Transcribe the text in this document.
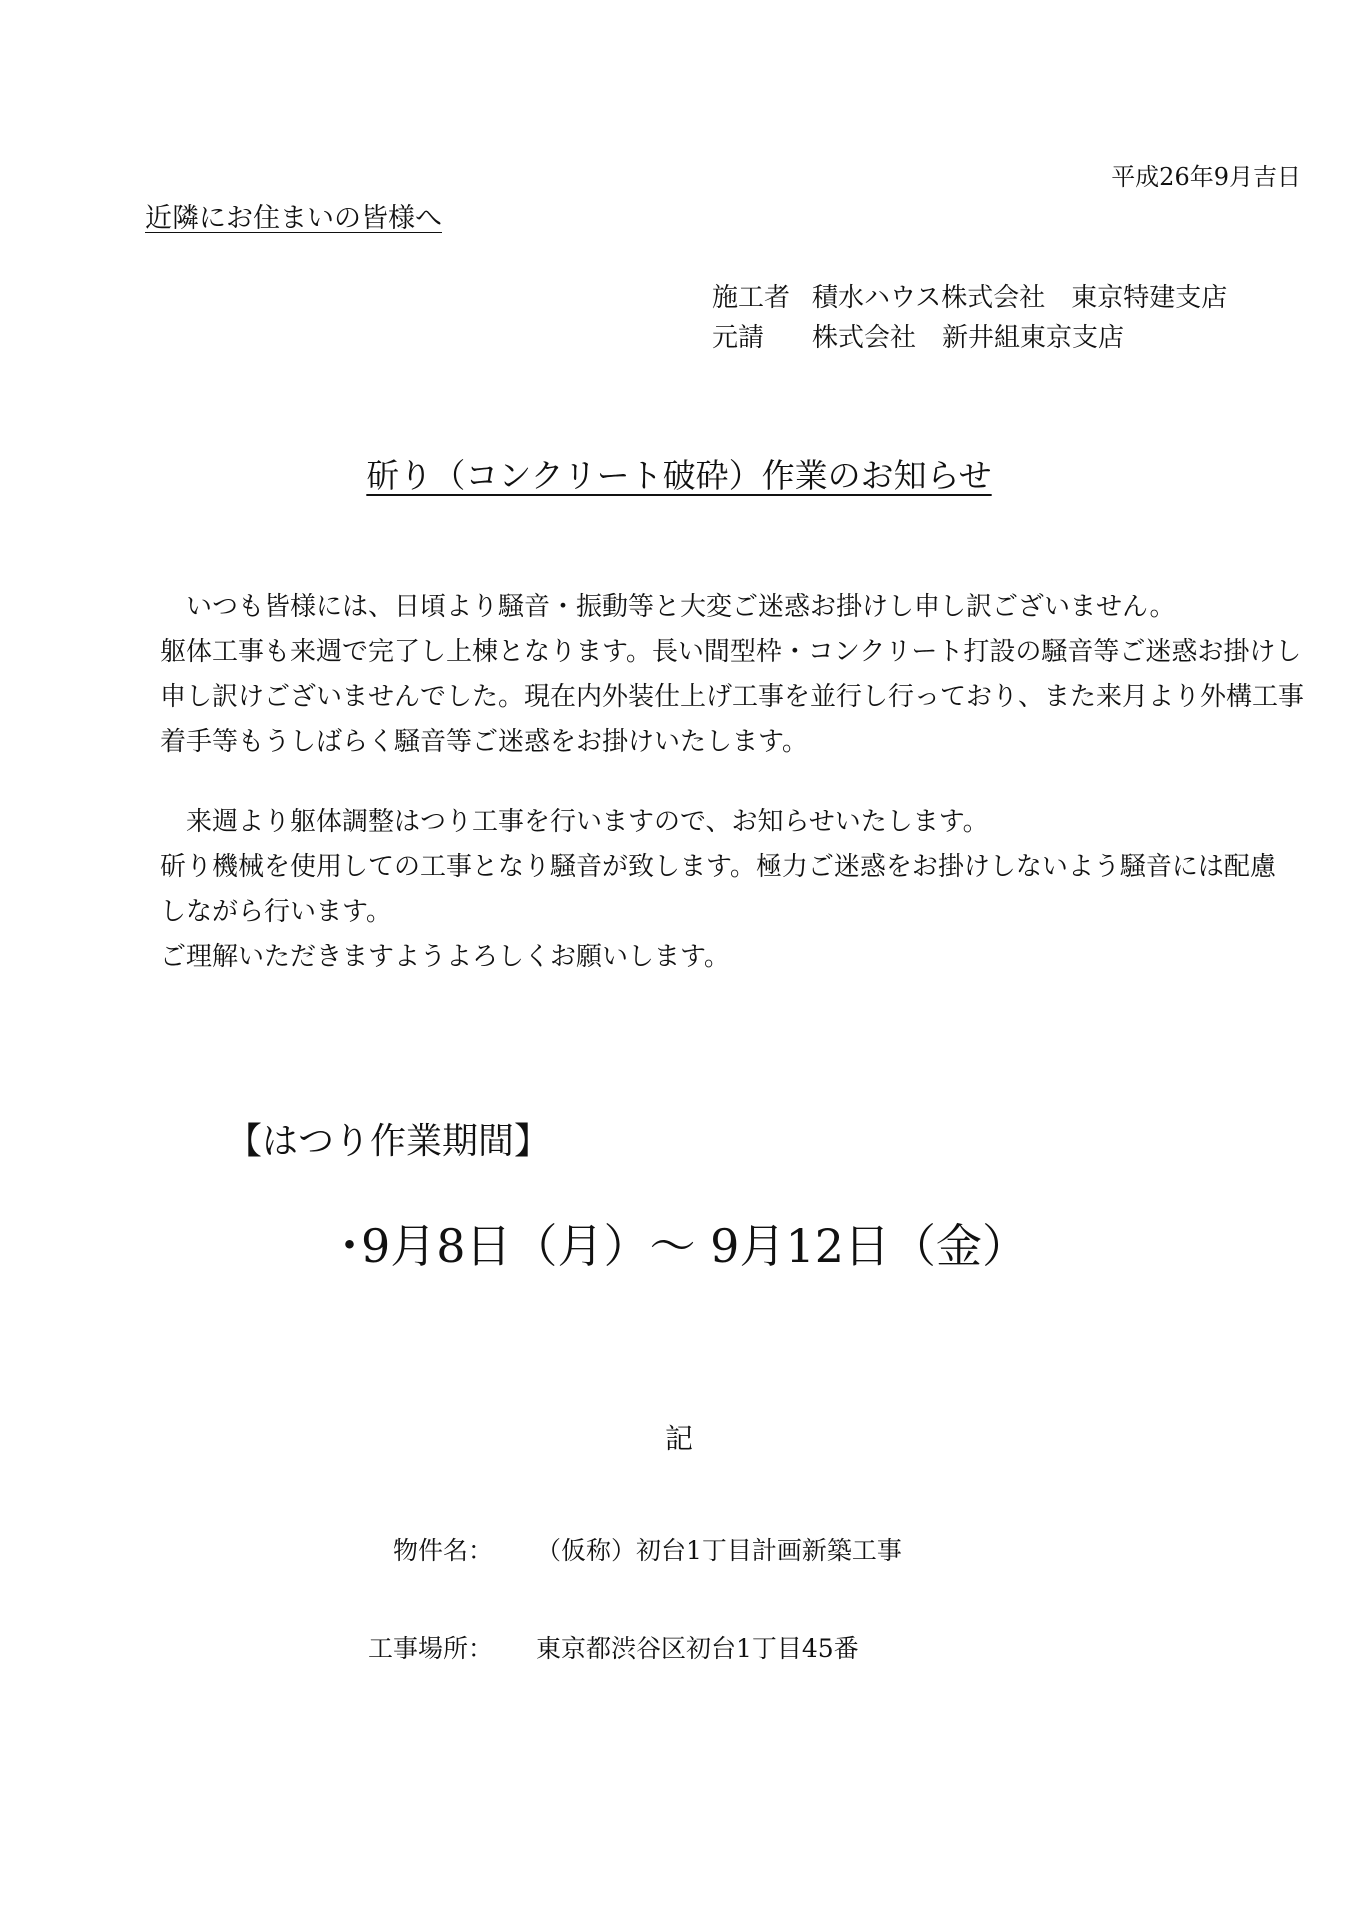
平成26年9月吉日

近隣にお住まいの皆様へ

施工者 積水ハウス株式会社　東京特建支店
元請 株式会社　新井組東京支店
斫り（コンクリート破砕）作業のお知らせ
　いつも皆様には、日頃より騒音・振動等と大変ご迷惑お掛けし申し訳ございません。
躯体工事も来週で完了し上棟となります。長い間型枠・コンクリート打設の騒音等ご迷惑お掛けし
申し訳けございませんでした。現在内外装仕上げ工事を並行し行っており、また来月より外構工事
着手等もうしばらく騒音等ご迷惑をお掛けいたします。
　来週より躯体調整はつり工事を行いますので、お知らせいたします。
斫り機械を使用しての工事となり騒音が致します。極力ご迷惑をお掛けしないよう騒音には配慮
しながら行います。
ご理解いただきますようよろしくお願いします。
【はつり作業期間】

･9月8日（月）～ 9月12日（金）

記

物件名： （仮称）初台1丁目計画新築工事
工事場所： 東京都渋谷区初台1丁目45番
